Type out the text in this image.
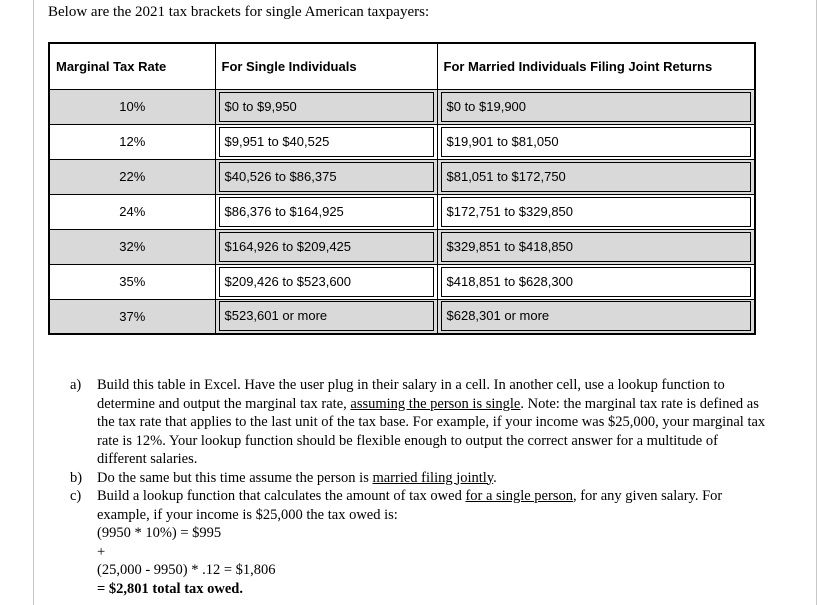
Below are the 2021 tax brackets for single American taxpayers:
Marginal Tax Rate	For Single Individuals	For Married Individuals Filing Joint Returns
10%	$0 to $9,950	$0 to $19,900

12%	$9,951 to $40,525	$19,901 to $81,050

22%	$40,526 to $86,375	$81,051 to $172,750

24%	$86,376 to $164,925	$172,751 to $329,850

32%	$164,926 to $209,425	$329,851 to $418,850

35%	$209,426 to $523,600	$418,851 to $628,300

37%	$523,601 or more	$628,301 or more
a)	Build this table in Excel. Have the user plug in their salary in a cell. In another cell, use a lookup function to determine and output the marginal tax rate, assuming the person is single. Note: the marginal tax rate is defined as the tax rate that applies to the last unit of the tax base. For example, if your income was $25,000, your marginal tax rate is 12%. Your lookup function should be flexible enough to output the correct answer for a multitude of different salaries.
b)	Do the same but this time assume the person is married filing jointly.
c)	Build a lookup function that calculates the amount of tax owed for a single person, for any given salary. For example, if your income is $25,000 the tax owed is:
(9950 * 10%) = $995
+
(25,000 - 9950) * .12 = $1,806
= $2,801 total tax owed.
